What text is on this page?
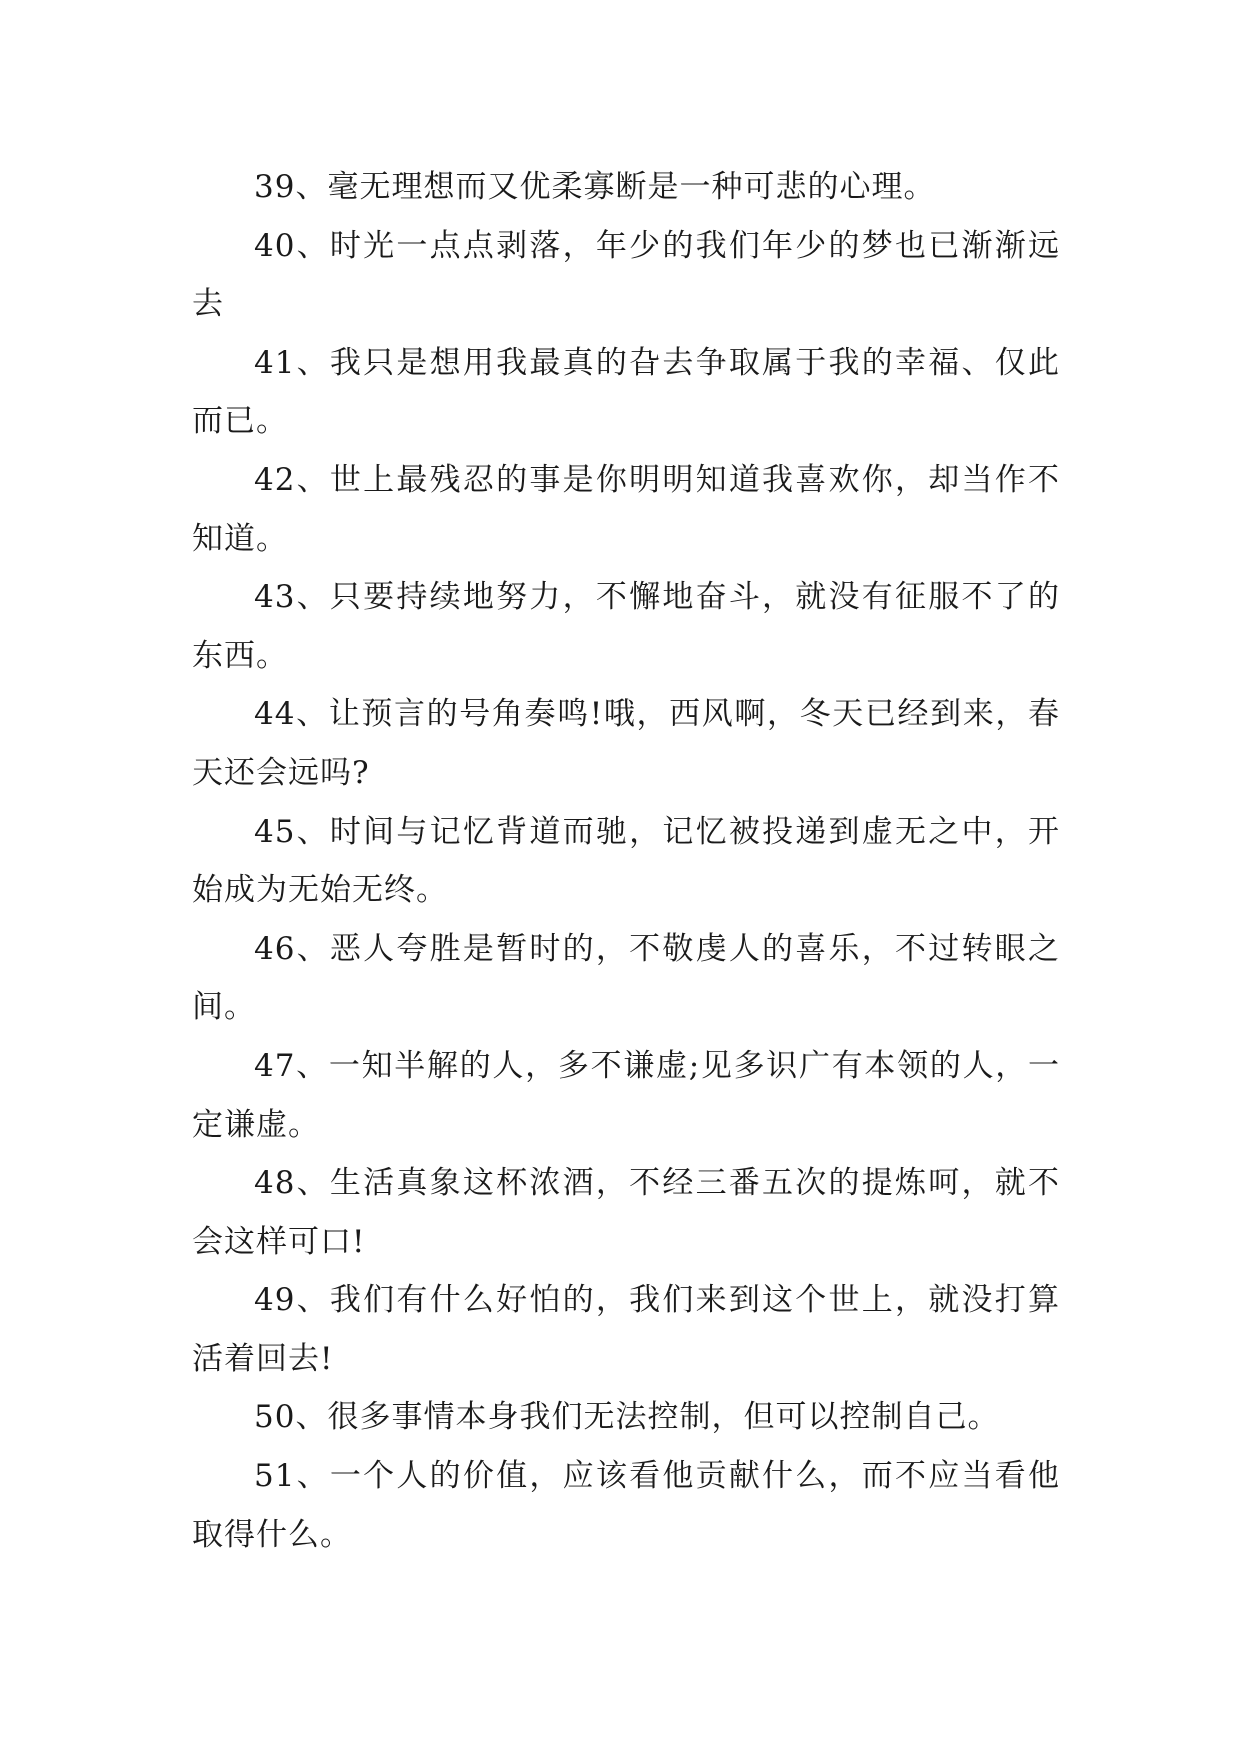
39、毫无理想而又优柔寡断是一种可悲的心理。

40、时光一点点剥落，年少的我们年少的梦也已渐渐远去

41、我只是想用我最真的旮去争取属于我的幸福、仅此而已。

42、世上最残忍的事是你明明知道我喜欢你，却当作不知道。

43、只要持续地努力，不懈地奋斗，就没有征服不了的东西。

44、让预言的号角奏鸣!哦，西风啊，冬天已经到来，春天还会远吗?

45、时间与记忆背道而驰，记忆被投递到虚无之中，开始成为无始无终。

46、恶人夸胜是暂时的，不敬虔人的喜乐，不过转眼之间。

47、一知半解的人，多不谦虚;见多识广有本领的人，一定谦虚。

48、生活真象这杯浓酒，不经三番五次的提炼呵，就不会这样可口!

49、我们有什么好怕的，我们来到这个世上，就没打算活着回去!

50、很多事情本身我们无法控制，但可以控制自己。

51、一个人的价值，应该看他贡献什么，而不应当看他取得什么。
